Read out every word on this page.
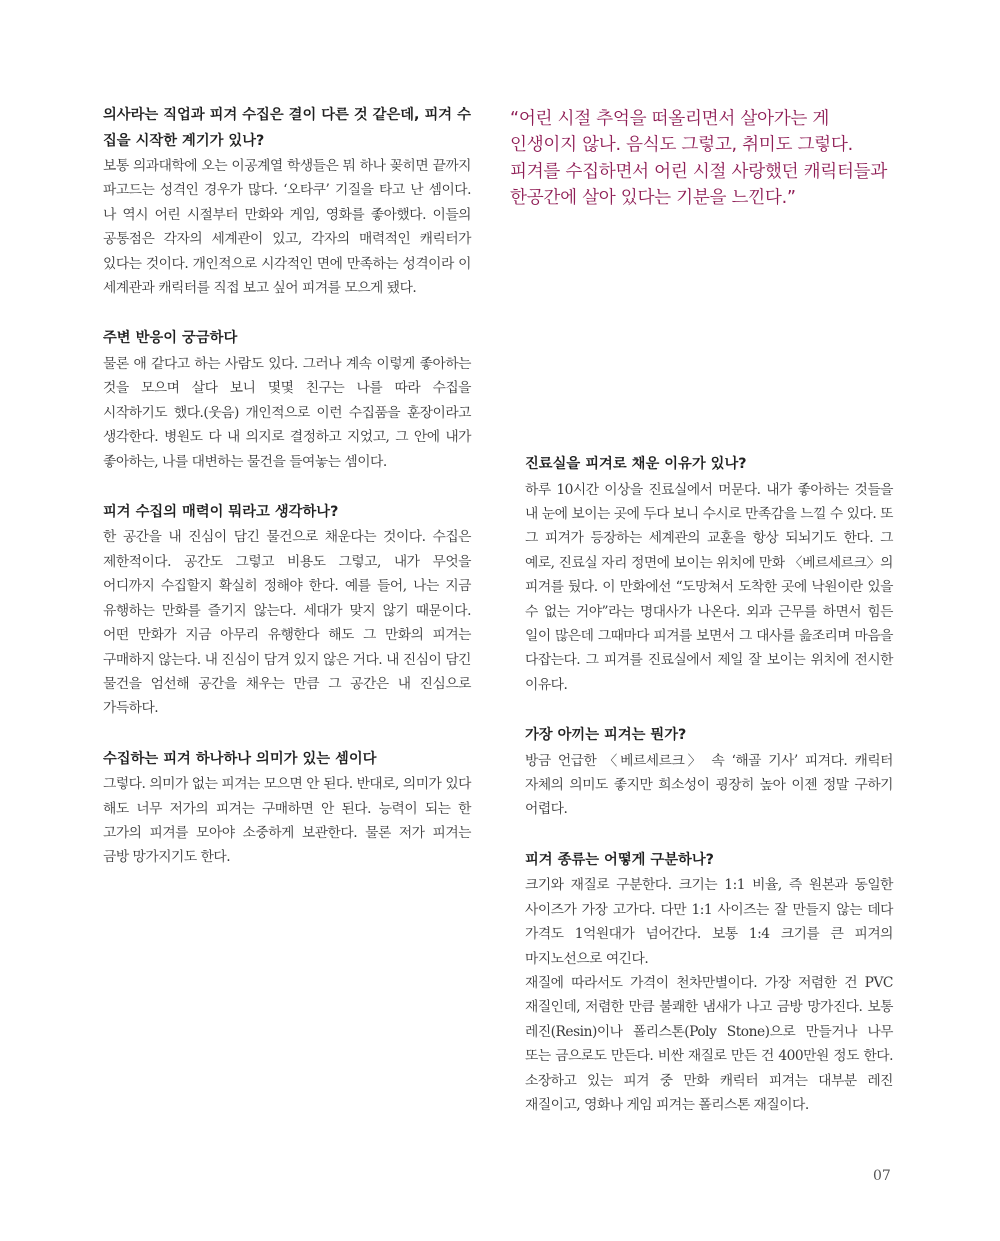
“어린 시절 추억을 떠올리면서 살아가는 게 인생이지 않나. 음식도 그렇고, 취미도 그렇다. 피겨를 수집하면서 어린 시절 사랑했던 캐릭터들과 한공간에 살아 있다는 기분을 느낀다.”

의사라는 직업과 피겨 수집은 결이 다른 것 같은데, 피겨 수집을 시작한 계기가 있나?

보통 의과대학에 오는 이공계열 학생들은 뭐 하나 꽂히면 끝까지 파고드는 성격인 경우가 많다. ‘오타쿠’ 기질을 타고 난 셈이다. 나 역시 어린 시절부터 만화와 게임, 영화를 좋아했다. 이들의 공통점은 각자의 세계관이 있고, 각자의 매력적인 캐릭터가 있다는 것이다. 개인적으로 시각적인 면에 만족하는 성격이라 이 세계관과 캐릭터를 직접 보고 싶어 피겨를 모으게 됐다.

주변 반응이 궁금하다

물론 애 같다고 하는 사람도 있다. 그러나 계속 이렇게 좋아하는 것을 모으며 살다 보니 몇몇 친구는 나를 따라 수집을 시작하기도 했다.(웃음) 개인적으로 이런 수집품을 훈장이라고 생각한다. 병원도 다 내 의지로 결정하고 지었고, 그 안에 내가 좋아하는, 나를 대변하는 물건을 들여놓는 셈이다.

피겨 수집의 매력이 뭐라고 생각하나?

한 공간을 내 진심이 담긴 물건으로 채운다는 것이다. 수집은 제한적이다. 공간도 그렇고 비용도 그렇고, 내가 무엇을 어디까지 수집할지 확실히 정해야 한다. 예를 들어, 나는 지금 유행하는 만화를 즐기지 않는다. 세대가 맞지 않기 때문이다. 어떤 만화가 지금 아무리 유행한다 해도 그 만화의 피겨는 구매하지 않는다. 내 진심이 담겨 있지 않은 거다. 내 진심이 담긴 물건을 엄선해 공간을 채우는 만큼 그 공간은 내 진심으로 가득하다.

수집하는 피겨 하나하나 의미가 있는 셈이다

그렇다. 의미가 없는 피겨는 모으면 안 된다. 반대로, 의미가 있다 해도 너무 저가의 피겨는 구매하면 안 된다. 능력이 되는 한 고가의 피겨를 모아야 소중하게 보관한다. 물론 저가 피겨는 금방 망가지기도 한다.

진료실을 피겨로 채운 이유가 있나?

하루 10시간 이상을 진료실에서 머문다. 내가 좋아하는 것들을 내 눈에 보이는 곳에 두다 보니 수시로 만족감을 느낄 수 있다. 또 그 피겨가 등장하는 세계관의 교훈을 항상 되뇌기도 한다. 그 예로, 진료실 자리 정면에 보이는 위치에 만화 〈베르세르크〉의 피겨를 뒀다. 이 만화에선 “도망쳐서 도착한 곳에 낙원이란 있을 수 없는 거야”라는 명대사가 나온다. 외과 근무를 하면서 힘든 일이 많은데 그때마다 피겨를 보면서 그 대사를 읊조리며 마음을 다잡는다. 그 피겨를 진료실에서 제일 잘 보이는 위치에 전시한 이유다.

가장 아끼는 피겨는 뭔가?

방금 언급한 〈베르세르크〉 속 ‘해골 기사’ 피겨다. 캐릭터 자체의 의미도 좋지만 희소성이 굉장히 높아 이젠 정말 구하기 어렵다.

피겨 종류는 어떻게 구분하나?

크기와 재질로 구분한다. 크기는 1:1 비율, 즉 원본과 동일한 사이즈가 가장 고가다. 다만 1:1 사이즈는 잘 만들지 않는 데다 가격도 1억원대가 넘어간다. 보통 1:4 크기를 큰 피겨의 마지노선으로 여긴다.

재질에 따라서도 가격이 천차만별이다. 가장 저렴한 건 PVC 재질인데, 저렴한 만큼 불쾌한 냄새가 나고 금방 망가진다. 보통 레진(Resin)이나 폴리스톤(Poly Stone)으로 만들거나 나무 또는 금으로도 만든다. 비싼 재질로 만든 건 400만원 정도 한다. 소장하고 있는 피겨 중 만화 캐릭터 피겨는 대부분 레진 재질이고, 영화나 게임 피겨는 폴리스톤 재질이다.

07
